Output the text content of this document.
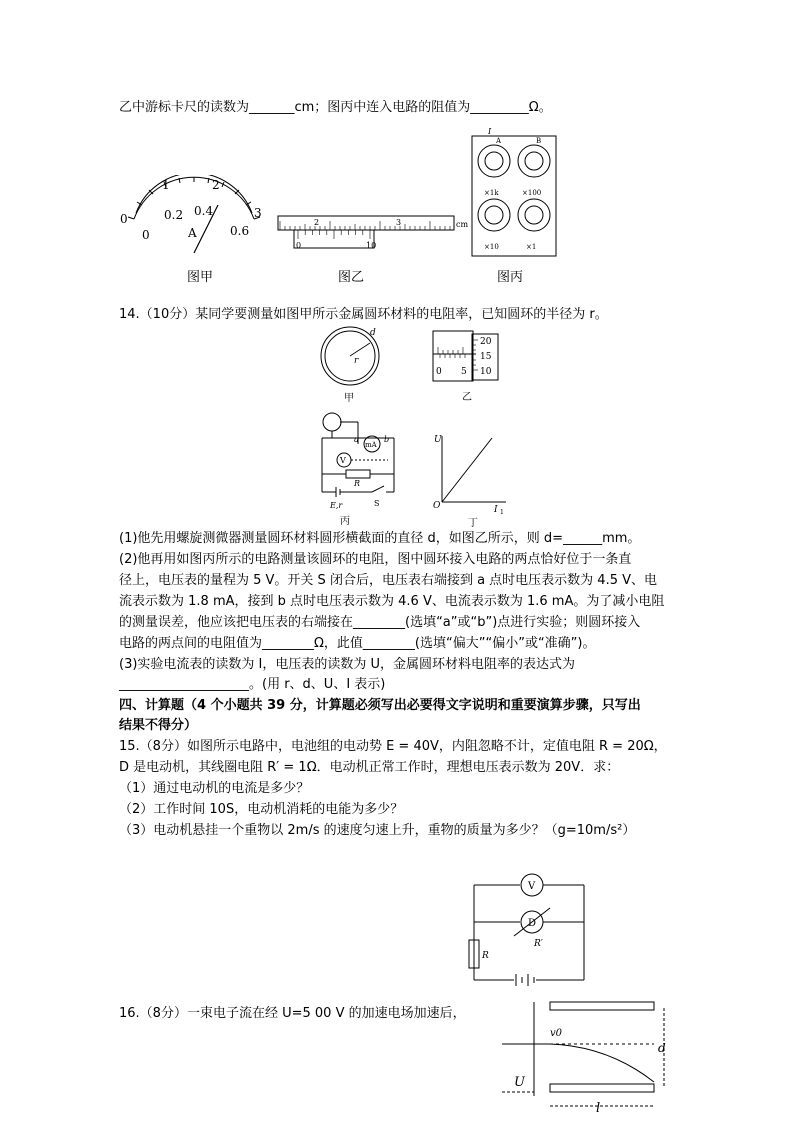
乙中游标卡尺的读数为_______cm；图丙中连入电路的阻值为_________Ω。
0
1	2
3
0
0.2 0.4
0.6
A
2	3	cm
0	10
I
A	B
×1k	×100
×10	×1
图甲	图乙	图丙
14.（10分）某同学要测量如图甲所示金属圆环材料的电阻率，已知圆环的半径为 r。
d
r
甲
20
15
10
0 5
乙
mA
V
a	b
R
E,r	S
丙
U
O	I 1
丁
(1)他先用螺旋测微器测量圆环材料圆形横截面的直径 d，如图乙所示，则 d=______mm。
(2)他再用如图丙所示的电路测量该圆环的电阻，图中圆环接入电路的两点恰好位于一条直
径上，电压表的量程为 5 V。开关 S 闭合后，电压表右端接到 a 点时电压表示数为 4.5 V、电
流表示数为 1.8 mA，接到 b 点时电压表示数为 4.6 V、电流表示数为 1.6 mA。为了减小电阻
的测量误差，他应该把电压表的右端接在________(选填“a”或“b”)点进行实验；则圆环接入
电路的两点间的电阻值为________Ω，此值________(选填“偏大”“偏小”或“准确”)。
(3)实验电流表的读数为 I，电压表的读数为 U，金属圆环材料电阻率的表达式为
____________________。(用 r、d、U、I 表示)
四、计算题（4 个小题共 39 分，计算题必须写出必要得文字说明和重要演算步骤，只写出
结果不得分）
15.（8分）如图所示电路中，电池组的电动势 E = 40V，内阻忽略不计，定值电阻 R = 20Ω，
D 是电动机，其线圈电阻 R′ = 1Ω．电动机正常工作时，理想电压表示数为 20V．求：
（1）通过电动机的电流是多少？
（2）工作时间 10S，电动机消耗的电能为多少？
（3）电动机悬挂一个重物以 2m/s 的速度匀速上升，重物的质量为多少？（g=10m/s²）
V
D
R′
R
16.（8分）一束电子流在经 U=5 00 V 的加速电场加速后，
v0
d
U
l
